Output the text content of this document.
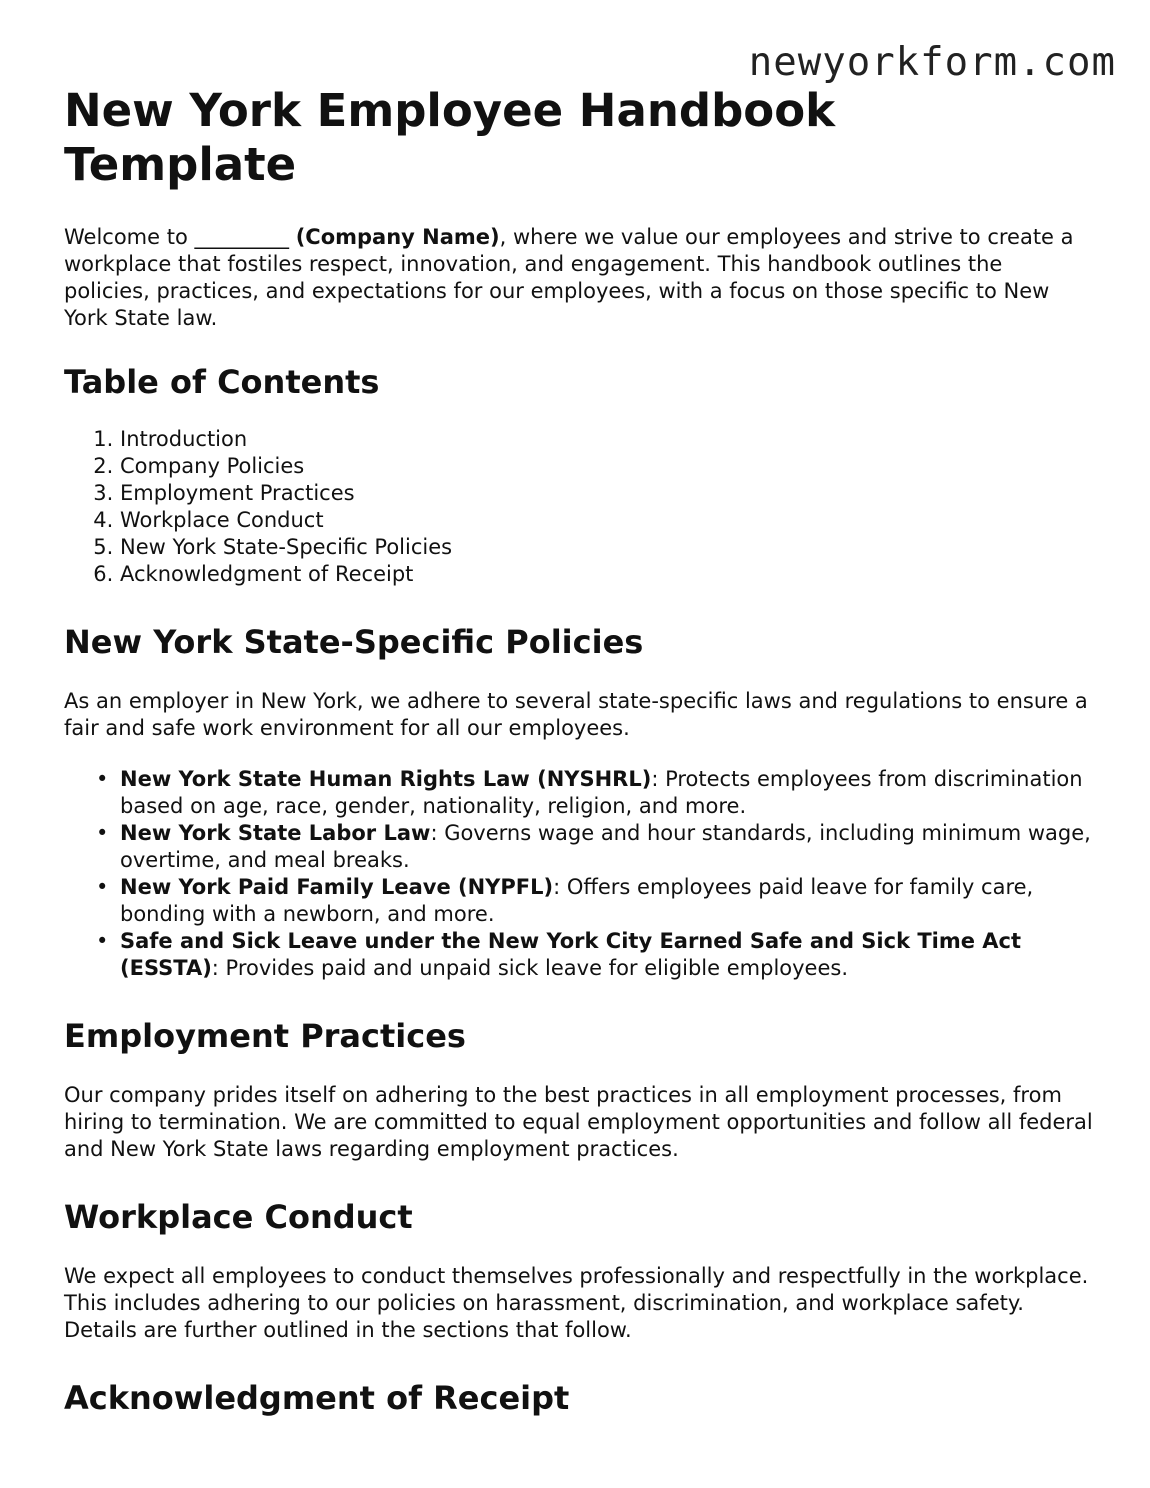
newyorkform.com
New York Employee Handbook Template

Welcome to _________ (Company Name), where we value our employees and strive to create a workplace that fostiles respect, innovation, and engagement. This handbook outlines the policies, practices, and expectations for our employees, with a focus on those specific to New York State law.

Table of Contents
1. Introduction
2. Company Policies
3. Employment Practices
4. Workplace Conduct
5. New York State-Specific Policies
6. Acknowledgment of Receipt
New York State-Specific Policies

As an employer in New York, we adhere to several state-specific laws and regulations to ensure a fair and safe work environment for all our employees.

• New York State Human Rights Law (NYSHRL): Protects employees from discrimination based on age, race, gender, nationality, religion, and more.
• New York State Labor Law: Governs wage and hour standards, including minimum wage, overtime, and meal breaks.
• New York Paid Family Leave (NYPFL): Offers employees paid leave for family care, bonding with a newborn, and more.
• Safe and Sick Leave under the New York City Earned Safe and Sick Time Act (ESSTA): Provides paid and unpaid sick leave for eligible employees.
Employment Practices

Our company prides itself on adhering to the best practices in all employment processes, from hiring to termination. We are committed to equal employment opportunities and follow all federal and New York State laws regarding employment practices.

Workplace Conduct

We expect all employees to conduct themselves professionally and respectfully in the workplace. This includes adhering to our policies on harassment, discrimination, and workplace safety. Details are further outlined in the sections that follow.

Acknowledgment of Receipt
